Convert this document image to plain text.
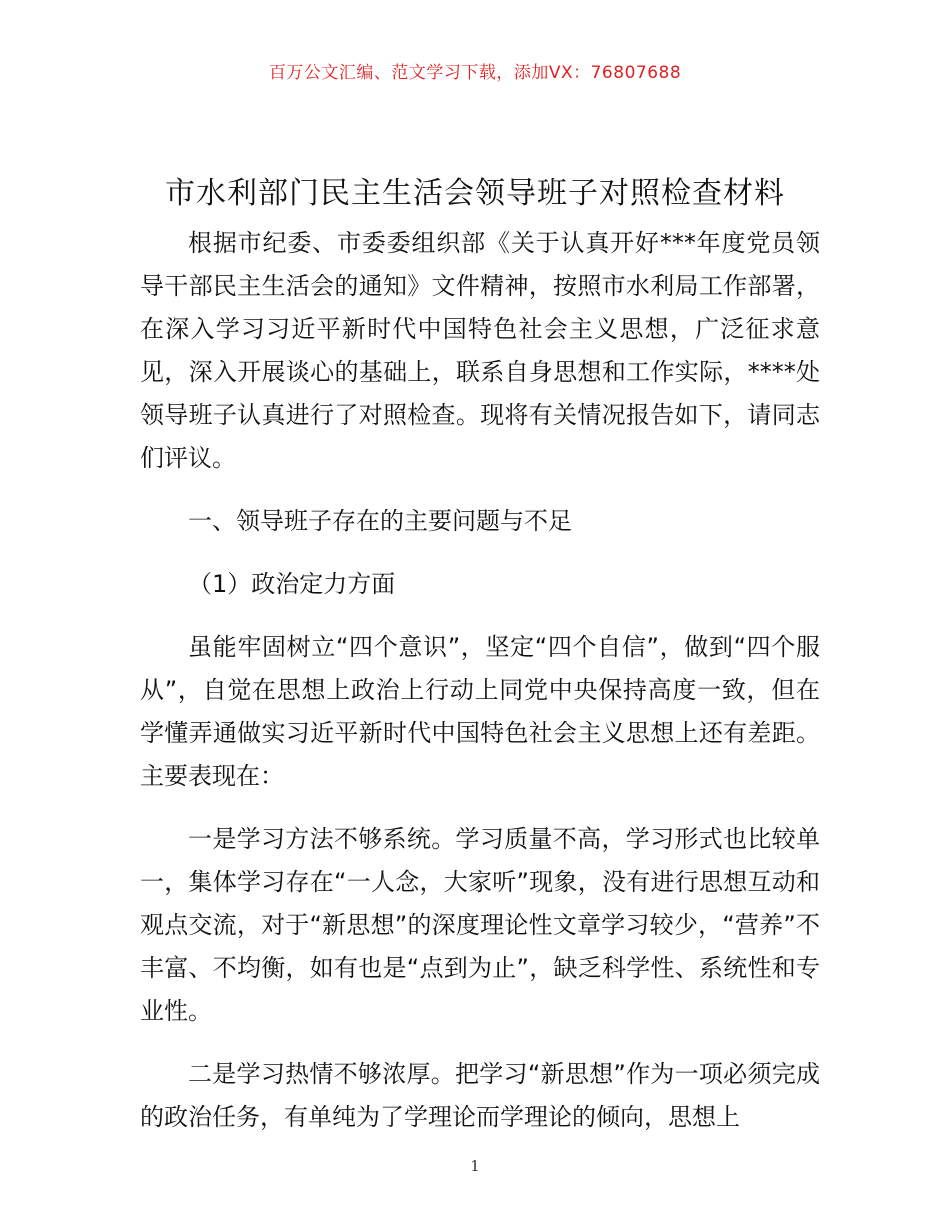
百万公文汇编、范文学习下载，添加VX：76807688
市水利部门民主生活会领导班子对照检查材料

根据市纪委、市委委组织部《关于认真开好***年度党员领导干部民主生活会的通知》文件精神，按照市水利局工作部署，在深入学习习近平新时代中国特色社会主义思想，广泛征求意见，深入开展谈心的基础上，联系自身思想和工作实际，****处领导班子认真进行了对照检查。现将有关情况报告如下，请同志们评议。

一、领导班子存在的主要问题与不足

（1）政治定力方面

虽能牢固树立“四个意识”，坚定“四个自信”，做到“四个服从”，自觉在思想上政治上行动上同党中央保持高度一致，但在学懂弄通做实习近平新时代中国特色社会主义思想上还有差距。主要表现在：

一是学习方法不够系统。学习质量不高，学习形式也比较单一，集体学习存在“一人念，大家听”现象，没有进行思想互动和观点交流，对于“新思想”的深度理论性文章学习较少，“营养”不丰富、不均衡，如有也是“点到为止”，缺乏科学性、系统性和专业性。

二是学习热情不够浓厚。把学习“新思想”作为一项必须完成的政治任务，有单纯为了学理论而学理论的倾向，思想上

1
